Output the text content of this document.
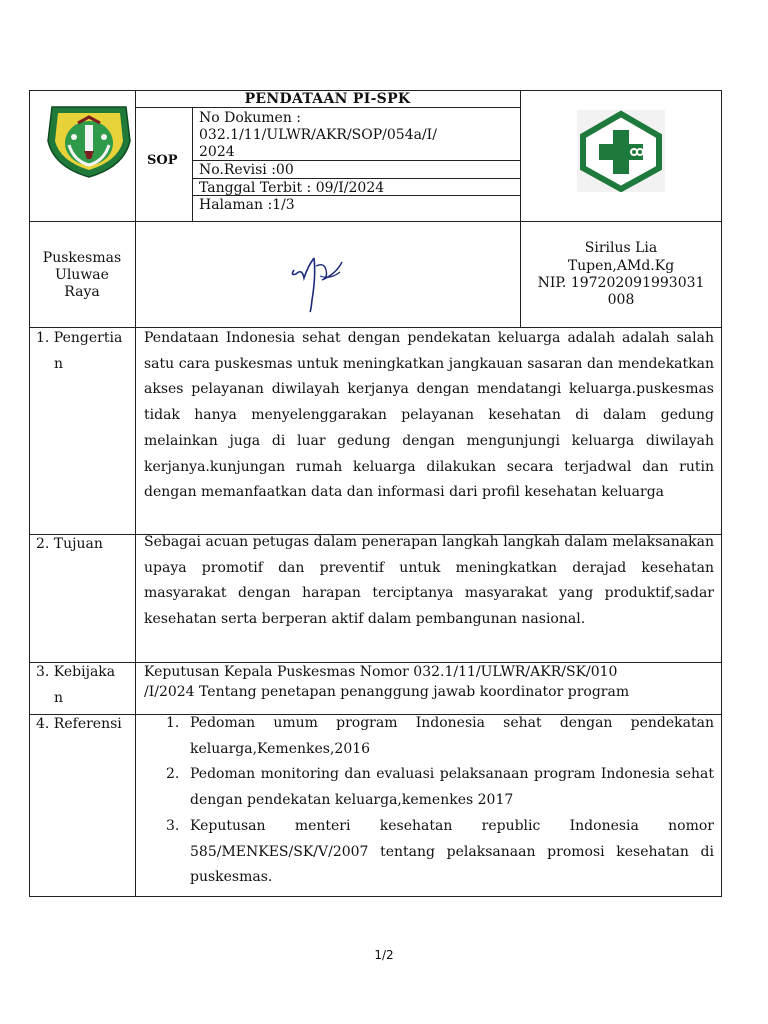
PENDATAAN PI-SPK
SOP
No Dokumen :
032.1/11/ULWR/AKR/SOP/054a/I/
2024
No.Revisi :00
Tanggal Terbit : 09/I/2024
Halaman :1/3
Puskesmas
Uluwae
Raya
Sirilus Lia
Tupen,AMd.Kg
NIP. 197202091993031
008
1. Pengertia
n
Pendataan Indonesia sehat dengan pendekatan keluarga adalah adalah salah satu cara puskesmas untuk meningkatkan jangkauan sasaran dan mendekatkan akses pelayanan diwilayah kerjanya dengan mendatangi keluarga.puskesmas tidak hanya menyelenggarakan pelayanan kesehatan di dalam gedung melainkan juga di luar gedung dengan mengunjungi keluarga diwilayah kerjanya.kunjungan rumah keluarga dilakukan secara terjadwal dan rutin dengan memanfaatkan data dan informasi dari profil kesehatan keluarga
2. Tujuan	Sebagai acuan petugas dalam penerapan langkah langkah dalam melaksanakan upaya promotif dan preventif untuk meningkatkan derajad kesehatan masyarakat dengan harapan terciptanya masyarakat yang produktif,sadar kesehatan serta berperan aktif dalam pembangunan nasional.
3. Kebijaka
n
Keputusan Kepala Puskesmas Nomor 032.1/11/ULWR/AKR/SK/010
/I/2024 Tentang penetapan penanggung jawab koordinator program
4. Referensi	1. Pedoman umum program Indonesia sehat dengan pendekatan keluarga,Kemenkes,2016
2. Pedoman monitoring dan evaluasi pelaksanaan program Indonesia sehat dengan pendekatan keluarga,kemenkes 2017
3. Keputusan menteri kesehatan republic Indonesia nomor 585/MENKES/SK/V/2007 tentang pelaksanaan promosi kesehatan di puskesmas.
1/2
